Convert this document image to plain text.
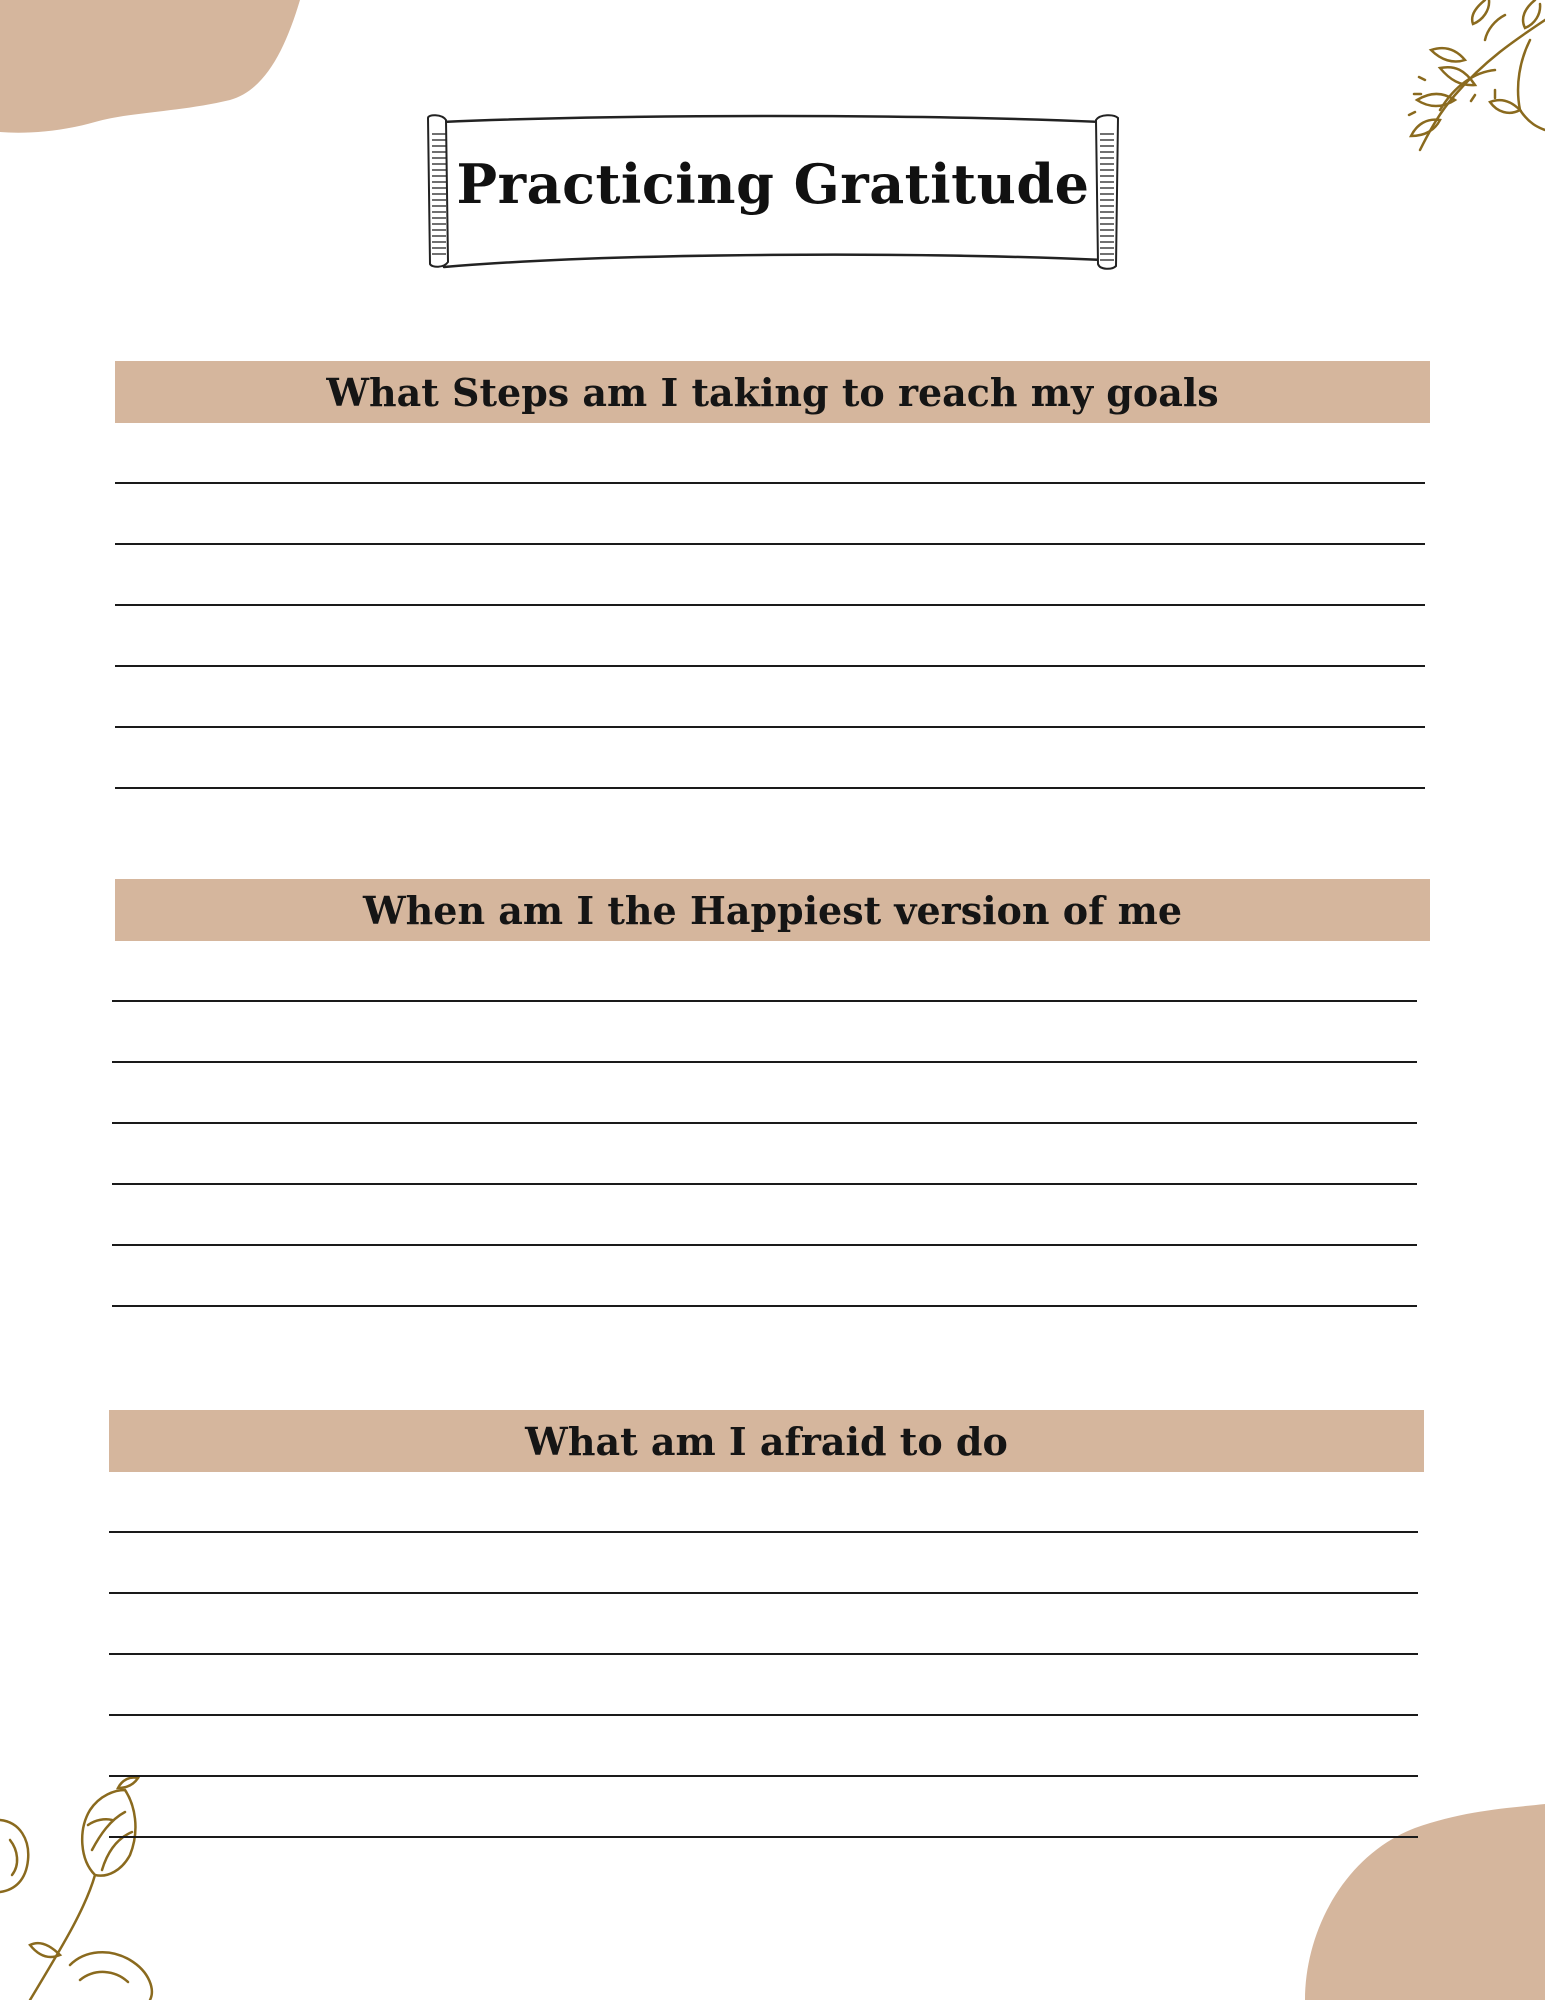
Practicing Gratitude
What Steps am I taking to reach my goals
When am I the Happiest version of me
What am I afraid to do
